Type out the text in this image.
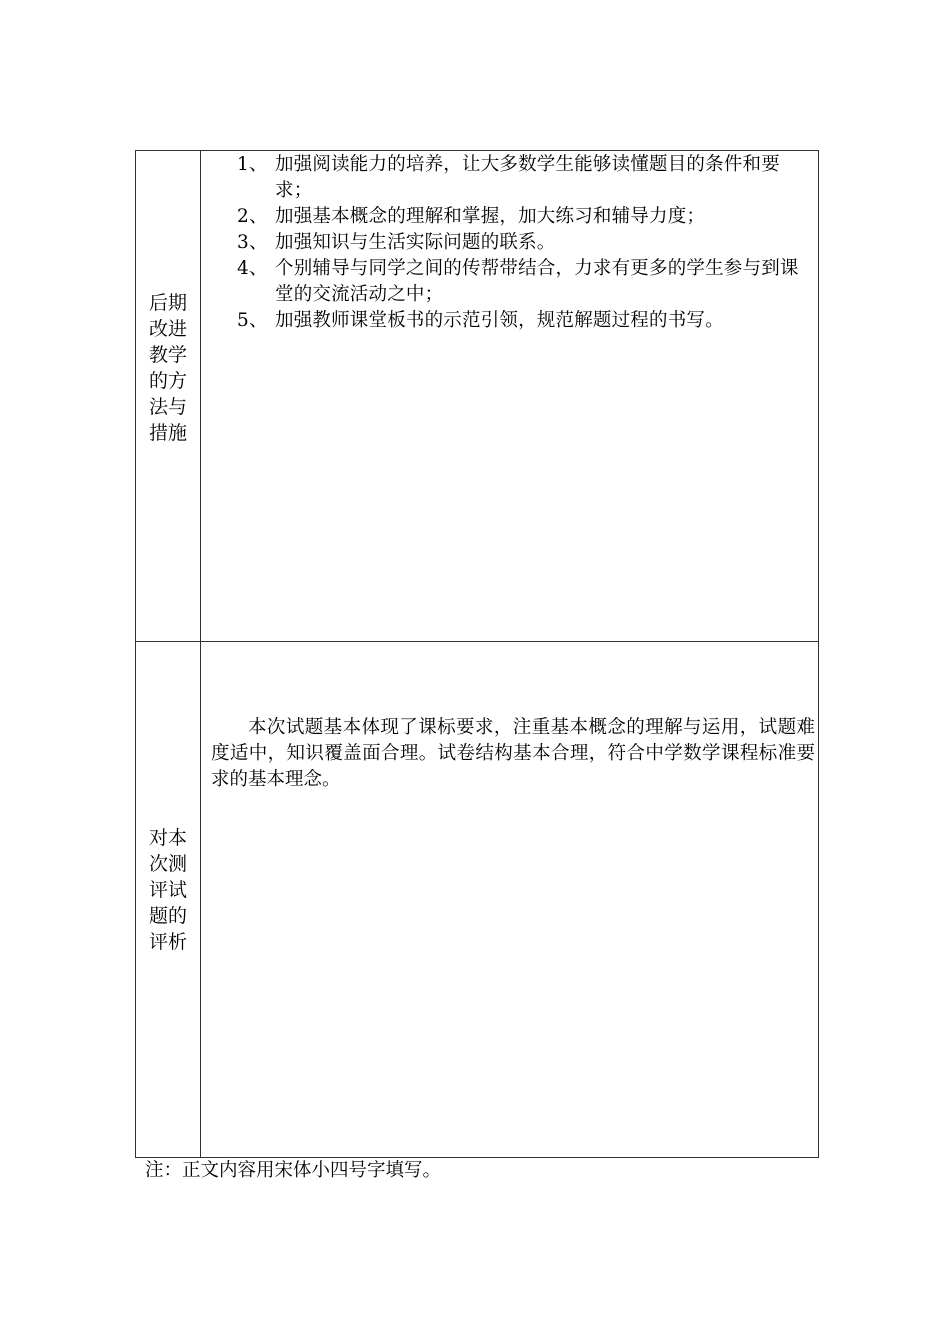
后期改进教学的方法与措施
1、 加强阅读能力的培养，让大多数学生能够读懂题目的条件和要求；
2、 加强基本概念的理解和掌握，加大练习和辅导力度；
3、 加强知识与生活实际问题的联系。
4、 个别辅导与同学之间的传帮带结合，力求有更多的学生参与到课堂的交流活动之中；
5、 加强教师课堂板书的示范引领，规范解题过程的书写。
对本次测评试题的评析

本次试题基本体现了课标要求，注重基本概念的理解与运用，试题难度适中，知识覆盖面合理。试卷结构基本合理，符合中学数学课程标准要求的基本理念。

注：正文内容用宋体小四号字填写。
